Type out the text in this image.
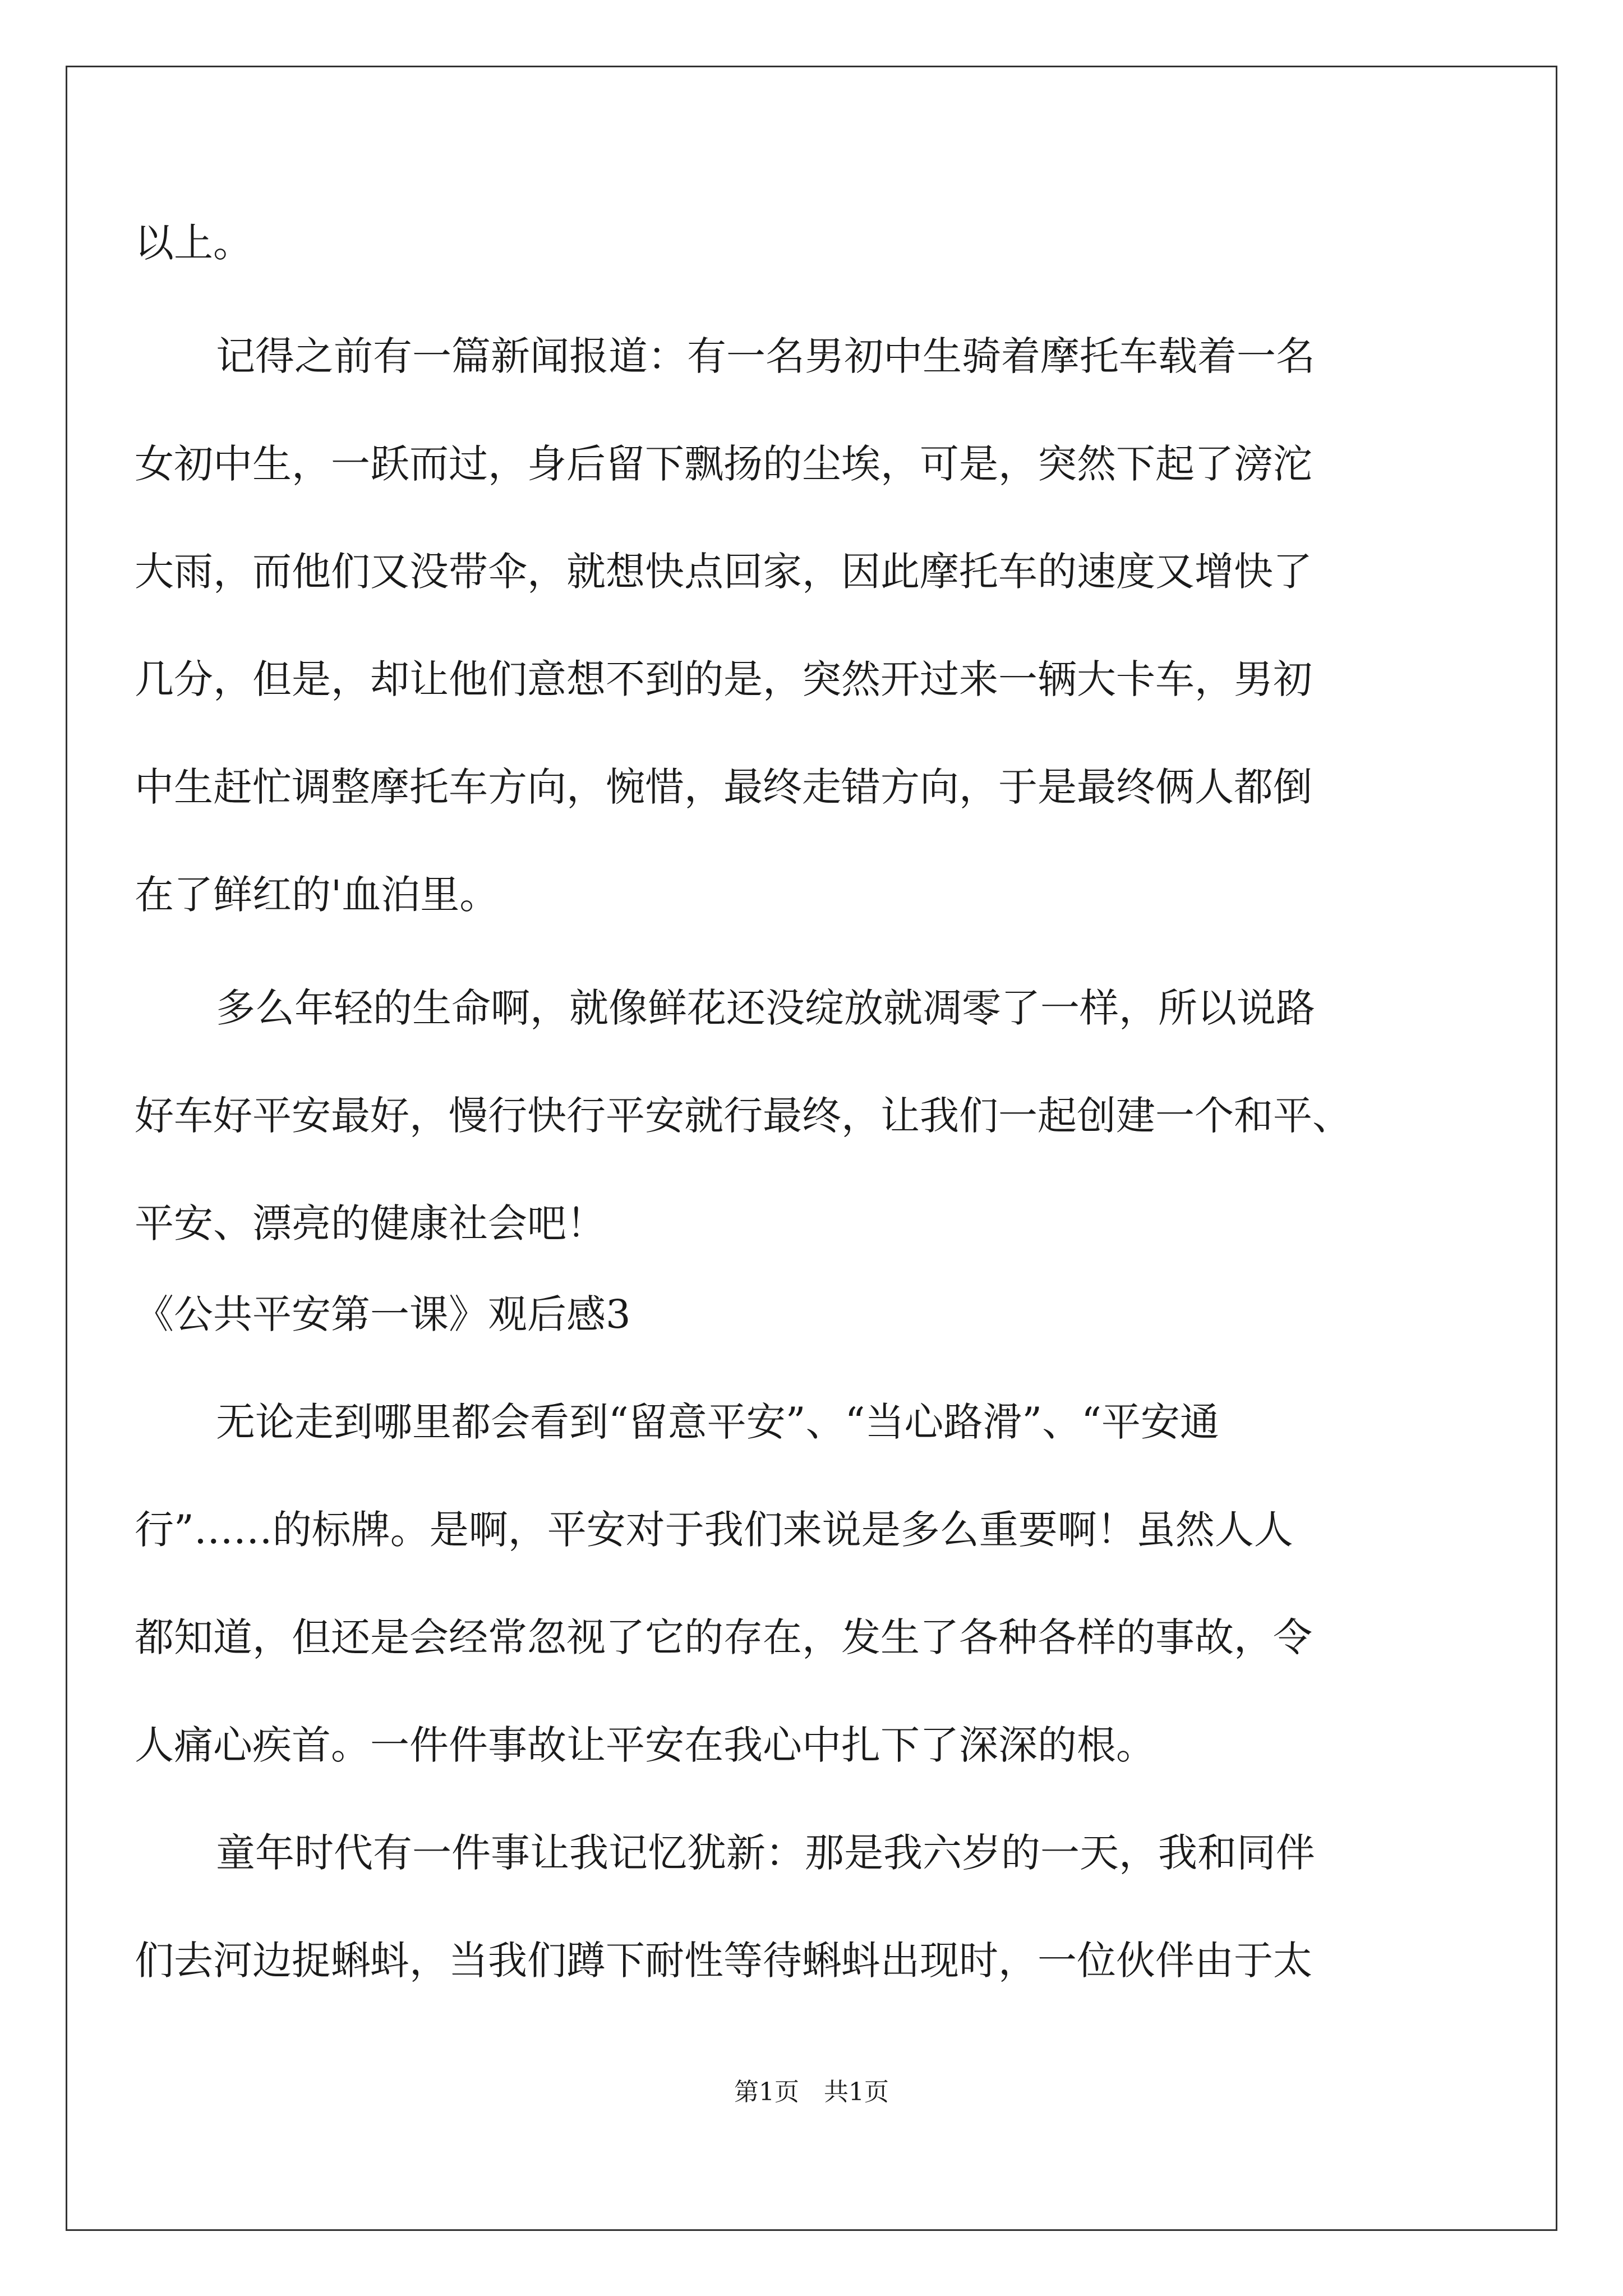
以上。
记得之前有一篇新闻报道：有一名男初中生骑着摩托车载着一名
女初中生，一跃而过，身后留下飘扬的尘埃，可是，突然下起了滂沱
大雨，而他们又没带伞，就想快点回家，因此摩托车的速度又增快了
几分，但是，却让他们意想不到的是，突然开过来一辆大卡车，男初
中生赶忙调整摩托车方向，惋惜，最终走错方向，于是最终俩人都倒
在了鲜红的'血泊里。
多么年轻的生命啊，就像鲜花还没绽放就凋零了一样，所以说路
好车好平安最好，慢行快行平安就行最终，让我们一起创建一个和平、
平安、漂亮的健康社会吧！
《公共平安第一课》观后感3
无论走到哪里都会看到“留意平安”、“当心路滑”、“平安通
行”……的标牌。是啊，平安对于我们来说是多么重要啊！虽然人人
都知道，但还是会经常忽视了它的存在，发生了各种各样的事故，令
人痛心疾首。一件件事故让平安在我心中扎下了深深的根。
童年时代有一件事让我记忆犹新：那是我六岁的一天，我和同伴
们去河边捉蝌蚪，当我们蹲下耐性等待蝌蚪出现时，一位伙伴由于太
第1页　共1页
